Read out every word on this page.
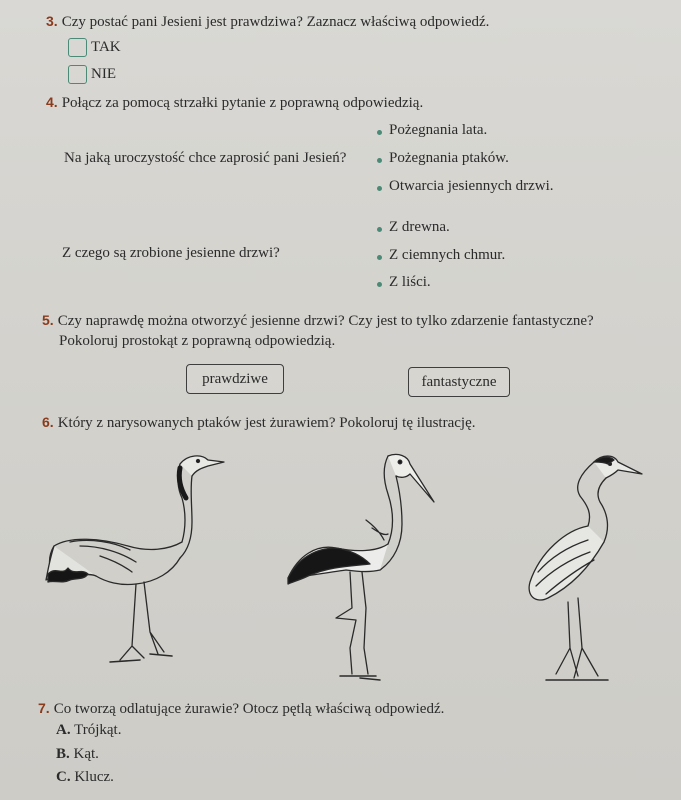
3. Czy postać pani Jesieni jest prawdziwa? Zaznacz właściwą odpowiedź.
TAK
NIE
4. Połącz za pomocą strzałki pytanie z poprawną odpowiedzią.
Na jaką uroczystość chce zaprosić pani Jesień?
Pożegnania lata.
Pożegnania ptaków.
Otwarcia jesiennych drzwi.
Z czego są zrobione jesienne drzwi?
Z drewna.
Z ciemnych chmur.
Z liści.
5. Czy naprawdę można otworzyć jesienne drzwi? Czy jest to tylko zdarzenie fantastyczne?
Pokoloruj prostokąt z poprawną odpowiedzią.
prawdziwe	fantastyczne
6. Który z narysowanych ptaków jest żurawiem? Pokoloruj tę ilustrację.
7. Co tworzą odlatujące żurawie? Otocz pętlą właściwą odpowiedź.
A. Trójkąt.
B. Kąt.
C. Klucz.
